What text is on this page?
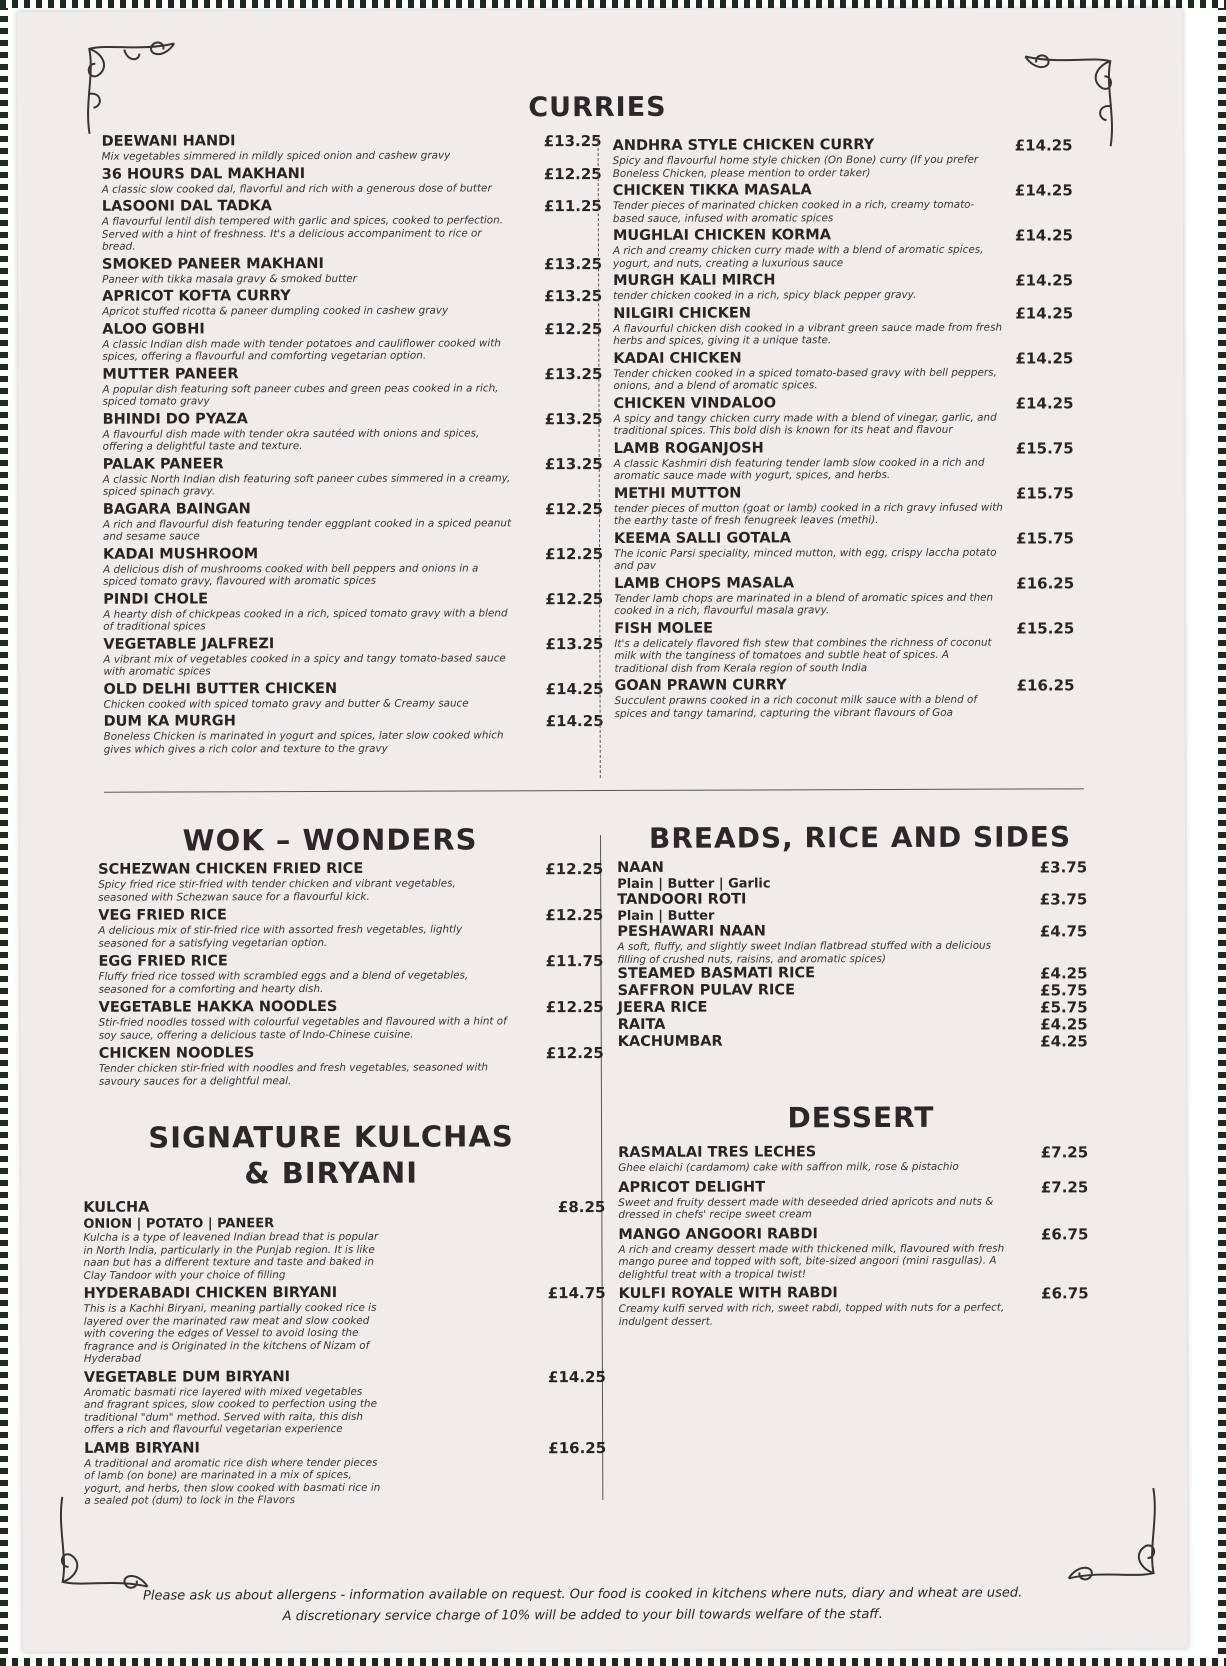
CURRIES
DEEWANI HANDI
Mix vegetables simmered in mildly spiced onion and cashew gravy
£13.25
36 HOURS DAL MAKHANI
A classic slow cooked dal, flavorful and rich with a generous dose of butter
£12.25
LASOONI DAL TADKA
A flavourful lentil dish tempered with garlic and spices, cooked to perfection. Served with a hint of freshness. It's a delicious accompaniment to rice or bread.
£11.25
SMOKED PANEER MAKHANI
Paneer with tikka masala gravy & smoked butter
£13.25
APRICOT KOFTA CURRY
Apricot stuffed ricotta & paneer dumpling cooked in cashew gravy
£13.25
ALOO GOBHI
A classic Indian dish made with tender potatoes and cauliflower cooked with spices, offering a flavourful and comforting vegetarian option.
£12.25
MUTTER PANEER
A popular dish featuring soft paneer cubes and green peas cooked in a rich, spiced tomato gravy
£13.25
BHINDI DO PYAZA
A flavourful dish made with tender okra sautéed with onions and spices, offering a delightful taste and texture.
£13.25
PALAK PANEER
A classic North Indian dish featuring soft paneer cubes simmered in a creamy, spiced spinach gravy.
£13.25
BAGARA BAINGAN
A rich and flavourful dish featuring tender eggplant cooked in a spiced peanut and sesame sauce
£12.25
KADAI MUSHROOM
A delicious dish of mushrooms cooked with bell peppers and onions in a spiced tomato gravy, flavoured with aromatic spices
£12.25
PINDI CHOLE
A hearty dish of chickpeas cooked in a rich, spiced tomato gravy with a blend of traditional spices
£12.25
VEGETABLE JALFREZI
A vibrant mix of vegetables cooked in a spicy and tangy tomato-based sauce with aromatic spices
£13.25
OLD DELHI BUTTER CHICKEN
Chicken cooked with spiced tomato gravy and butter & Creamy sauce
£14.25
DUM KA MURGH
Boneless Chicken is marinated in yogurt and spices, later slow cooked which gives which gives a rich color and texture to the gravy
£14.25
ANDHRA STYLE CHICKEN CURRY
Spicy and flavourful home style chicken (On Bone) curry (If you prefer Boneless Chicken, please mention to order taker)
£14.25
CHICKEN TIKKA MASALA
Tender pieces of marinated chicken cooked in a rich, creamy tomato-based sauce, infused with aromatic spices
£14.25
MUGHLAI CHICKEN KORMA
A rich and creamy chicken curry made with a blend of aromatic spices, yogurt, and nuts, creating a luxurious sauce
£14.25
MURGH KALI MIRCH
tender chicken cooked in a rich, spicy black pepper gravy.
£14.25
NILGIRI CHICKEN
A flavourful chicken dish cooked in a vibrant green sauce made from fresh herbs and spices, giving it a unique taste.
£14.25
KADAI CHICKEN
Tender chicken cooked in a spiced tomato-based gravy with bell peppers, onions, and a blend of aromatic spices.
£14.25
CHICKEN VINDALOO
A spicy and tangy chicken curry made with a blend of vinegar, garlic, and traditional spices. This bold dish is known for its heat and flavour
£14.25
LAMB ROGANJOSH
A classic Kashmiri dish featuring tender lamb slow cooked in a rich and aromatic sauce made with yogurt, spices, and herbs.
£15.75
METHI MUTTON
tender pieces of mutton (goat or lamb) cooked in a rich gravy infused with the earthy taste of fresh fenugreek leaves (methi).
£15.75
KEEMA SALLI GOTALA
The iconic Parsi speciality, minced mutton, with egg, crispy laccha potato and pav
£15.75
LAMB CHOPS MASALA
Tender lamb chops are marinated in a blend of aromatic spices and then cooked in a rich, flavourful masala gravy.
£16.25
FISH MOLEE
It's a delicately flavored fish stew that combines the richness of coconut milk with the tanginess of tomatoes and subtle heat of spices. A traditional dish from Kerala region of south India
£15.25
GOAN PRAWN CURRY
Succulent prawns cooked in a rich coconut milk sauce with a blend of spices and tangy tamarind, capturing the vibrant flavours of Goa
£16.25
WOK – WONDERS
SCHEZWAN CHICKEN FRIED RICE
Spicy fried rice stir-fried with tender chicken and vibrant vegetables, seasoned with Schezwan sauce for a flavourful kick.
£12.25
VEG FRIED RICE
A delicious mix of stir-fried rice with assorted fresh vegetables, lightly seasoned for a satisfying vegetarian option.
£12.25
EGG FRIED RICE
Fluffy fried rice tossed with scrambled eggs and a blend of vegetables, seasoned for a comforting and hearty dish.
£11.75
VEGETABLE HAKKA NOODLES
Stir-fried noodles tossed with colourful vegetables and flavoured with a hint of soy sauce, offering a delicious taste of Indo-Chinese cuisine.
£12.25
CHICKEN NOODLES
Tender chicken stir-fried with noodles and fresh vegetables, seasoned with savoury sauces for a delightful meal.
£12.25
SIGNATURE KULCHAS
& BIRYANI
KULCHA
ONION | POTATO | PANEER
Kulcha is a type of leavened Indian bread that is popular in North India, particularly in the Punjab region. It is like naan but has a different texture and taste and baked in Clay Tandoor with your choice of filling
£8.25
HYDERABADI CHICKEN BIRYANI
This is a Kachhi Biryani, meaning partially cooked rice is layered over the marinated raw meat and slow cooked with covering the edges of Vessel to avoid losing the fragrance and is Originated in the kitchens of Nizam of Hyderabad
£14.75
VEGETABLE DUM BIRYANI
Aromatic basmati rice layered with mixed vegetables and fragrant spices, slow cooked to perfection using the traditional "dum" method. Served with raita, this dish offers a rich and flavourful vegetarian experience
£14.25
LAMB BIRYANI
A traditional and aromatic rice dish where tender pieces of lamb (on bone) are marinated in a mix of spices, yogurt, and herbs, then slow cooked with basmati rice in a sealed pot (dum) to lock in the Flavors
£16.25
BREADS, RICE AND SIDES
NAAN
Plain | Butter | Garlic
£3.75
TANDOORI ROTI
Plain | Butter
£3.75
PESHAWARI NAAN
A soft, fluffy, and slightly sweet Indian flatbread stuffed with a delicious filling of crushed nuts, raisins, and aromatic spices)
£4.75
STEAMED BASMATI RICE	£4.25
SAFFRON PULAV RICE	£5.75
JEERA RICE	£5.75
RAITA	£4.25
KACHUMBAR	£4.25
DESSERT
RASMALAI TRES LECHES
Ghee elaichi (cardamom) cake with saffron milk, rose & pistachio
£7.25
APRICOT DELIGHT
Sweet and fruity dessert made with deseeded dried apricots and nuts & dressed in chefs' recipe sweet cream
£7.25
MANGO ANGOORI RABDI
A rich and creamy dessert made with thickened milk, flavoured with fresh mango puree and topped with soft, bite-sized angoori (mini rasgullas). A delightful treat with a tropical twist!
£6.75
KULFI ROYALE WITH RABDI
Creamy kulfi served with rich, sweet rabdi, topped with nuts for a perfect, indulgent dessert.
£6.75
Please ask us about allergens - information available on request. Our food is cooked in kitchens where nuts, diary and wheat are used.
A discretionary service charge of 10% will be added to your bill towards welfare of the staff.
